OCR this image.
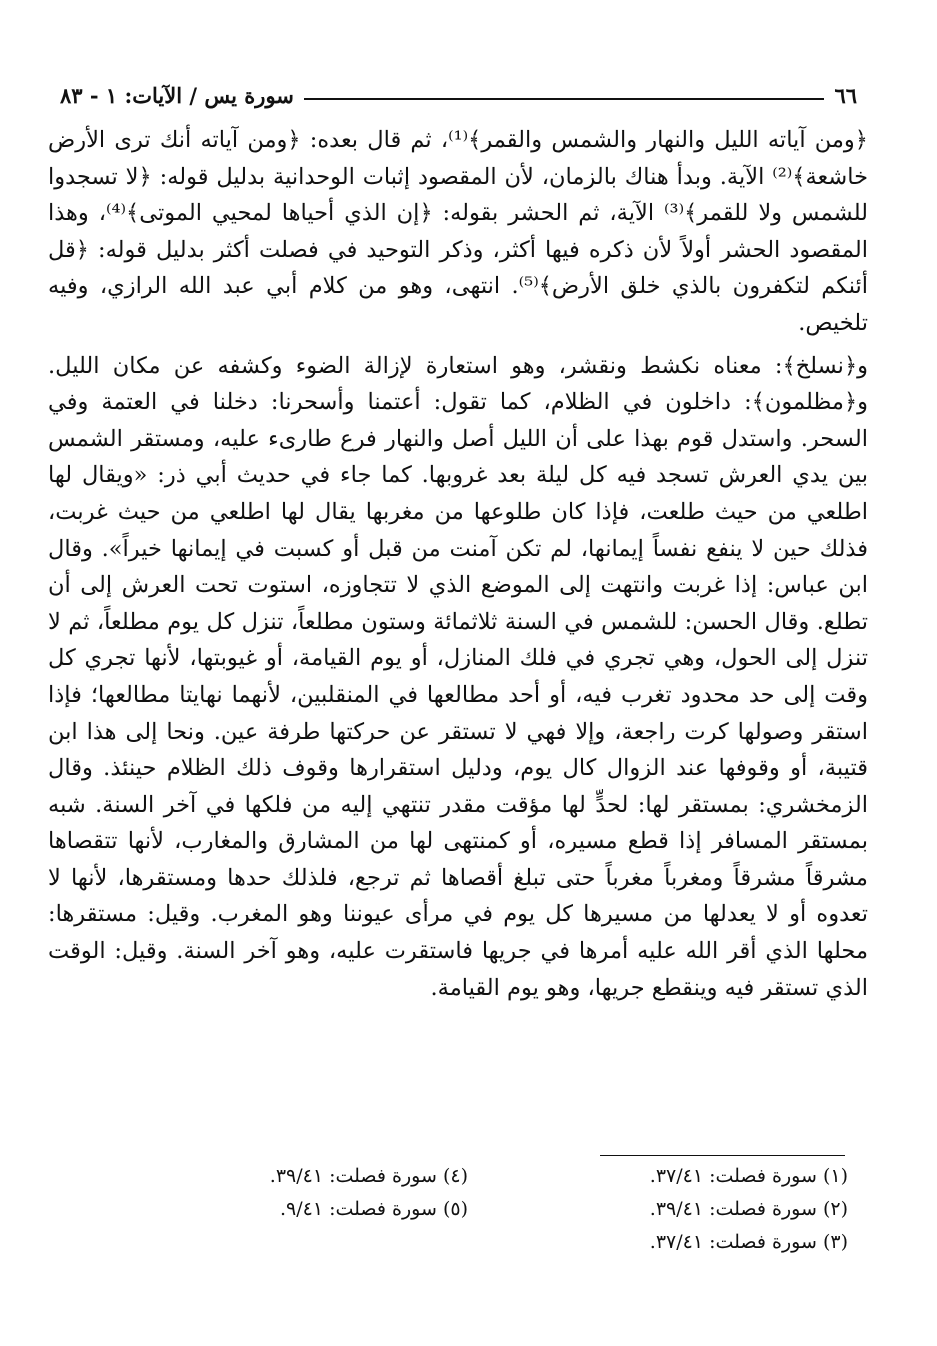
٦٦
سورة يس / الآيات: ١ - ٨٣

﴿ومن آياته الليل والنهار والشمس والقمر﴾⁽¹⁾، ثم قال بعده: ﴿ومن آياته أنك ترى الأرض خاشعة﴾⁽²⁾ الآية. وبدأ هناك بالزمان، لأن المقصود إثبات الوحدانية بدليل قوله: ﴿لا تسجدوا للشمس ولا للقمر﴾⁽³⁾ الآية، ثم الحشر بقوله: ﴿إن الذي أحياها لمحيي الموتى﴾⁽⁴⁾، وهذا المقصود الحشر أولاً لأن ذكره فيها أكثر، وذكر التوحيد في فصلت أكثر بدليل قوله: ﴿قل أئنكم لتكفرون بالذي خلق الأرض﴾⁽⁵⁾. انتهى، وهو من كلام أبي عبد الله الرازي، وفيه تلخيص.

و﴿نسلخ﴾: معناه نكشط ونقشر، وهو استعارة لإزالة الضوء وكشفه عن مكان الليل. و﴿مظلمون﴾: داخلون في الظلام، كما تقول: أعتمنا وأسحرنا: دخلنا في العتمة وفي السحر. واستدل قوم بهذا على أن الليل أصل والنهار فرع طارىء عليه، ومستقر الشمس بين يدي العرش تسجد فيه كل ليلة بعد غروبها. كما جاء في حديث أبي ذر: «ويقال لها اطلعي من حيث طلعت، فإذا كان طلوعها من مغربها يقال لها اطلعي من حيث غربت، فذلك حين لا ينفع نفساً إيمانها، لم تكن آمنت من قبل أو كسبت في إيمانها خيراً». وقال ابن عباس: إذا غربت وانتهت إلى الموضع الذي لا تتجاوزه، استوت تحت العرش إلى أن تطلع. وقال الحسن: للشمس في السنة ثلاثمائة وستون مطلعاً، تنزل كل يوم مطلعاً، ثم لا تنزل إلى الحول، وهي تجري في فلك المنازل، أو يوم القيامة، أو غيوبتها، لأنها تجري كل وقت إلى حد محدود تغرب فيه، أو أحد مطالعها في المنقلبين، لأنهما نهايتا مطالعها؛ فإذا استقر وصولها كرت راجعة، وإلا فهي لا تستقر عن حركتها طرفة عين. ونحا إلى هذا ابن قتيبة، أو وقوفها عند الزوال كال يوم، ودليل استقرارها وقوف ذلك الظلام حينئذ. وقال الزمخشري: بمستقر لها: لحدٍّ لها مؤقت مقدر تنتهي إليه من فلكها في آخر السنة. شبه بمستقر المسافر إذا قطع مسيره، أو كمنتهى لها من المشارق والمغارب، لأنها تتقصاها مشرقاً مشرقاً ومغرباً مغرباً حتى تبلغ أقصاها ثم ترجع، فلذلك حدها ومستقرها، لأنها لا تعدوه أو لا يعدلها من مسيرها كل يوم في مرأى عيوننا وهو المغرب. وقيل: مستقرها: محلها الذي أقر الله عليه أمرها في جريها فاستقرت عليه، وهو آخر السنة. وقيل: الوقت الذي تستقر فيه وينقطع جريها، وهو يوم القيامة.

(١) سورة فصلت: ٣٧/٤١.
(٢) سورة فصلت: ٣٩/٤١.
(٣) سورة فصلت: ٣٧/٤١.
(٤) سورة فصلت: ٣٩/٤١.
(٥) سورة فصلت: ٩/٤١.
